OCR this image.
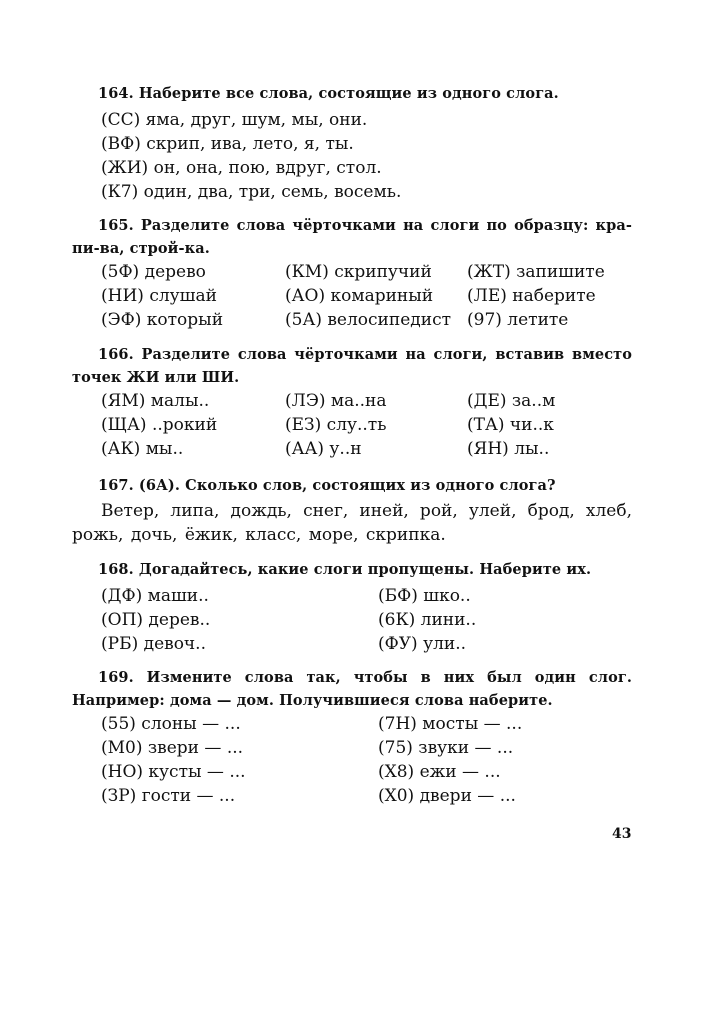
164. Наберите все слова, состоящие из одного слога.
(СС) яма, друг, шум, мы, они.
(ВФ) скрип, ива, лето, я, ты.
(ЖИ) он, она, пою, вдруг, стол.
(К7) один, два, три, семь, восемь.
165. Разделите слова чёрточками на слоги по образцу: кра-пи-ва, строй-ка.
(5Ф) дерево	(КМ) скрипучий (ЖТ) запишите
(НИ) слушай	(АО) комариный (ЛЕ) наберите
(ЭФ) который	(5А) велосипедист (97) летите
166. Разделите слова чёрточками на слоги, вставив вместо точек ЖИ или ШИ.
(ЯМ) малы..	(ЛЭ) ма..на	(ДЕ) за..м
(ЩА) ..рокий	(ЕЗ) слу..ть	(ТА) чи..к
(АК) мы..	(АА) у..н	(ЯН) лы..
167. (6А). Сколько слов, состоящих из одного слога?
Ветер, липа, дождь, снег, иней, рой, улей, брод, хлеб, рожь, дочь, ёжик, класс, море, скрипка.
168. Догадайтесь, какие слоги пропущены. Наберите их.
(ДФ) маши..	(БФ) шко..
(ОП) дерев..	(6К) лини..
(РБ) девоч..	(ФУ) ули..
169. Измените слова так, чтобы в них был один слог. Например: дома — дом. Получившиеся слова наберите.
(55) слоны — ...	(7Н) мосты — ...
(М0) звери — ...	(75) звуки — ...
(НО) кусты — ...	(Х8) ежи — ...
(ЗР) гости — ...	(Х0) двери — ...
43
